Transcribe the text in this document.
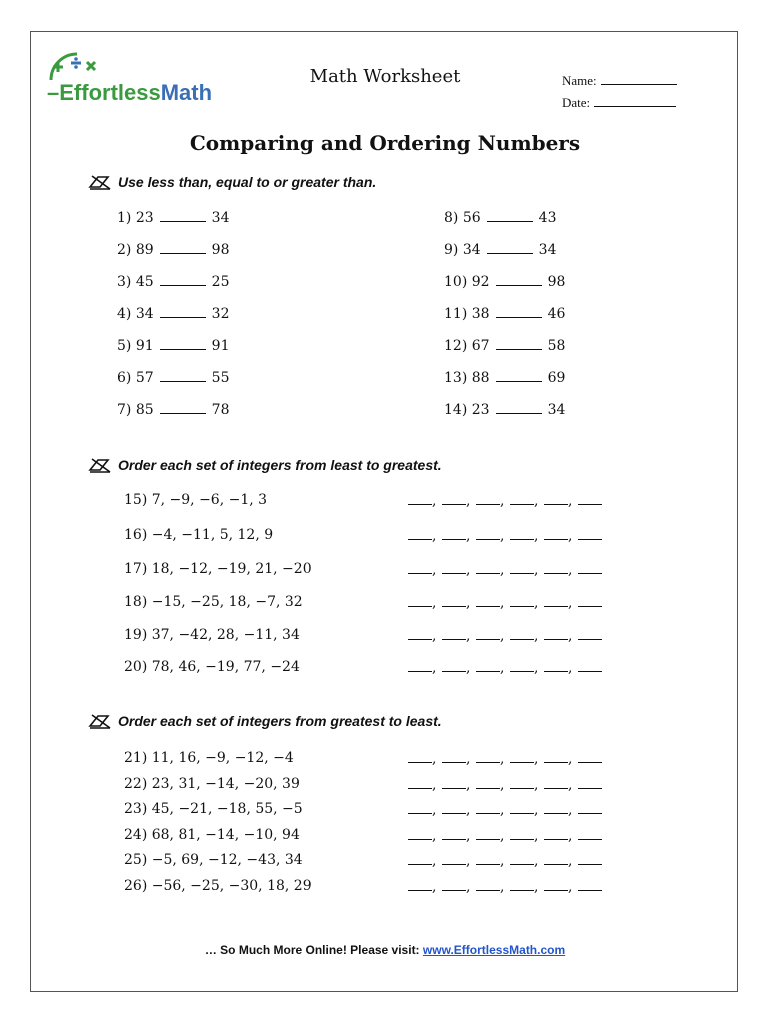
–EffortlessMath
Math Worksheet	Name:
Date:
Comparing and Ordering Numbers
Use less than, equal to or greater than.
1) 23	34
2) 89	98
3) 45	25
4) 34	32
5) 91	91
6) 57	55
7) 85	78
8) 56	43
9) 34	34
10) 92	98
11) 38	46
12) 67	58
13) 88	69
14) 23	34
Order each set of integers from least to greatest.
15) 7, −9, −6, −1, 3	, , , , ,
16) −4, −11, 5, 12, 9	, , , , ,
17) 18, −12, −19, 21, −20	, , , , ,
18) −15, −25, 18, −7, 32	, , , , ,
19) 37, −42, 28, −11, 34	, , , , ,
20) 78, 46, −19, 77, −24	, , , , ,
Order each set of integers from greatest to least.
21) 11, 16, −9, −12, −4	, , , , ,
22) 23, 31, −14, −20, 39	, , , , ,
23) 45, −21, −18, 55, −5	, , , , ,
24) 68, 81, −14, −10, 94	, , , , ,
25) −5, 69, −12, −43, 34	, , , , ,
26) −56, −25, −30, 18, 29	, , , , ,
… So Much More Online! Please visit: www.EffortlessMath.com
